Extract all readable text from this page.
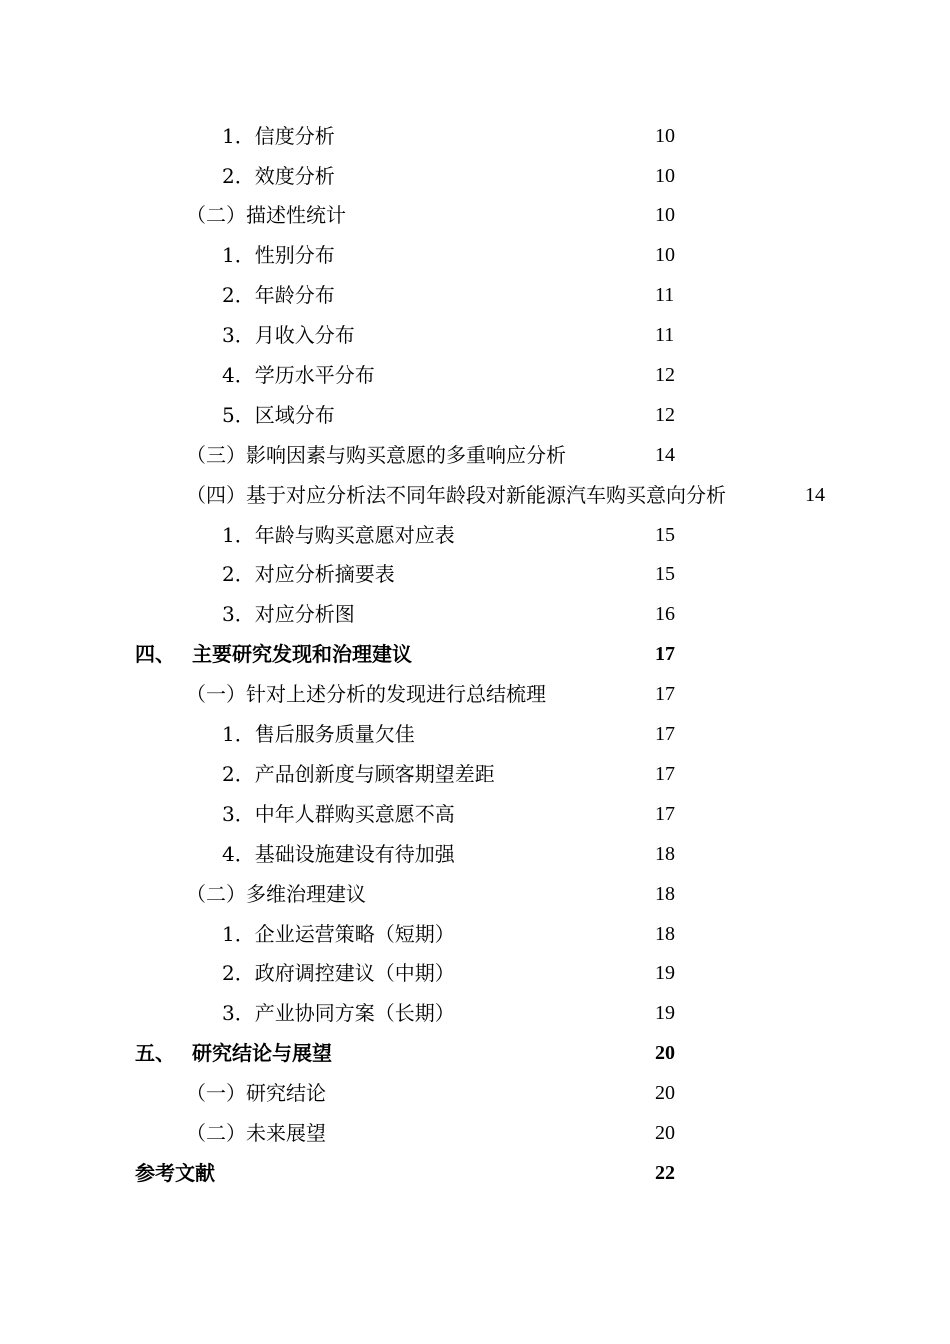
1．信度分析	10
2．效度分析	10
（二）描述性统计	10
1．性别分布	10
2．年龄分布	11
3．月收入分布	11
4．学历水平分布	12
5．区域分布	12
（三）影响因素与购买意愿的多重响应分析	14
（四）基于对应分析法不同年龄段对新能源汽车购买意向分析	14
1．年龄与购买意愿对应表	15
2．对应分析摘要表	15
3．对应分析图	16
四、 主要研究发现和治理建议	17
（一）针对上述分析的发现进行总结梳理	17
1．售后服务质量欠佳	17
2．产品创新度与顾客期望差距	17
3．中年人群购买意愿不高	17
4．基础设施建设有待加强	18
（二）多维治理建议	18
1．企业运营策略（短期）	18
2．政府调控建议（中期）	19
3．产业协同方案（长期）	19
五、 研究结论与展望	20
（一）研究结论	20
（二）未来展望	20
参考文献	22
